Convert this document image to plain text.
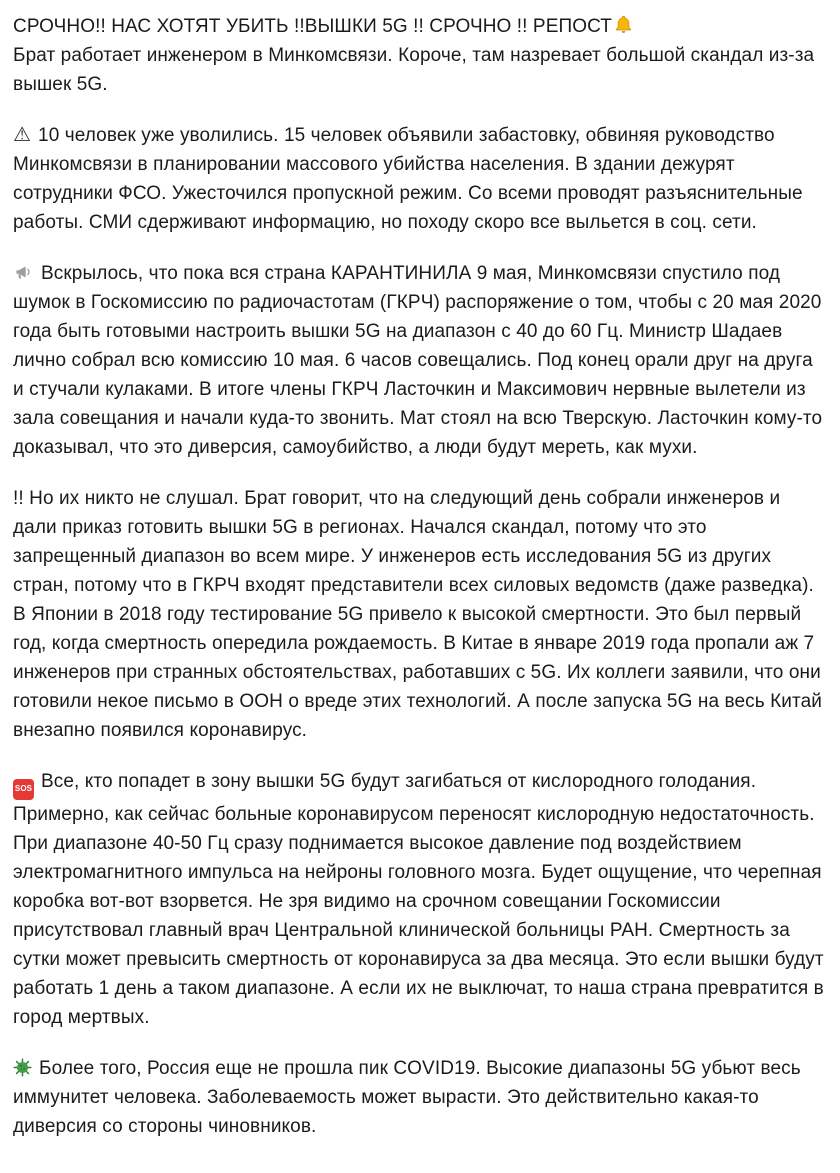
СРОЧНО!! НАС ХОТЯТ УБИТЬ !!ВЫШКИ 5G !! СРОЧНО !! РЕПОСТ

Брат работает инженером в Минкомсвязи. Короче, там назревает большой скандал из-за вышек 5G.

⚠︎ 10 человек уже уволились. 15 человек объявили забастовку, обвиняя руководство Минкомсвязи в планировании массового убийства населения. В здании дежурят сотрудники ФСО. Ужесточился пропускной режим. Со всеми проводят разъяснительные работы. СМИ сдерживают информацию, но походу скоро все выльется в соц. сети.

Вскрылось, что пока вся страна КАРАНТИНИЛА 9 мая, Минкомсвязи спустило под шумок в Госкомиссию по радиочастотам (ГКРЧ) распоряжение о том, чтобы с 20 мая 2020 года быть готовыми настроить вышки 5G на диапазон с 40 до 60 Гц. Министр Шадаев лично собрал всю комиссию 10 мая. 6 часов совещались. Под конец орали друг на друга и стучали кулаками. В итоге члены ГКРЧ Ласточкин и Максимович нервные вылетели из зала совещания и начали куда-то звонить. Мат стоял на всю Тверскую. Ласточкин кому-то доказывал, что это диверсия, самоубийство, а люди будут мереть, как мухи.

!! Но их никто не слушал. Брат говорит, что на следующий день собрали инженеров и дали приказ готовить вышки 5G в регионах. Начался скандал, потому что это запрещенный диапазон во всем мире. У инженеров есть исследования 5G из других стран, потому что в ГКРЧ входят представители всех силовых ведомств (даже разведка). В Японии в 2018 году тестирование 5G привело к высокой смертности. Это был первый год, когда смертность опередила рождаемость. В Китае в январе 2019 года пропали аж 7 инженеров при странных обстоятельствах, работавших с 5G. Их коллеги заявили, что они готовили некое письмо в ООН о вреде этих технологий. А после запуска 5G на весь Китай внезапно появился коронавирус.

SOS Все, кто попадет в зону вышки 5G будут загибаться от кислородного голодания. Примерно, как сейчас больные коронавирусом переносят кислородную недостаточность. При диапазоне 40-50 Гц сразу поднимается высокое давление под воздействием электромагнитного импульса на нейроны головного мозга. Будет ощущение, что черепная коробка вот-вот взорвется. Не зря видимо на срочном совещании Госкомиссии присутствовал главный врач Центральной клинической больницы РАН. Смертность за сутки может превысить смертность от коронавируса за два месяца. Это если вышки будут работать 1 день а таком диапазоне. А если их не выключат, то наша страна превратится в город мертвых.

Более того, Россия еще не прошла пик COVID19. Высокие диапазоны 5G убьют весь иммунитет человека. Заболеваемость может вырасти. Это действительно какая-то диверсия со стороны чиновников.
